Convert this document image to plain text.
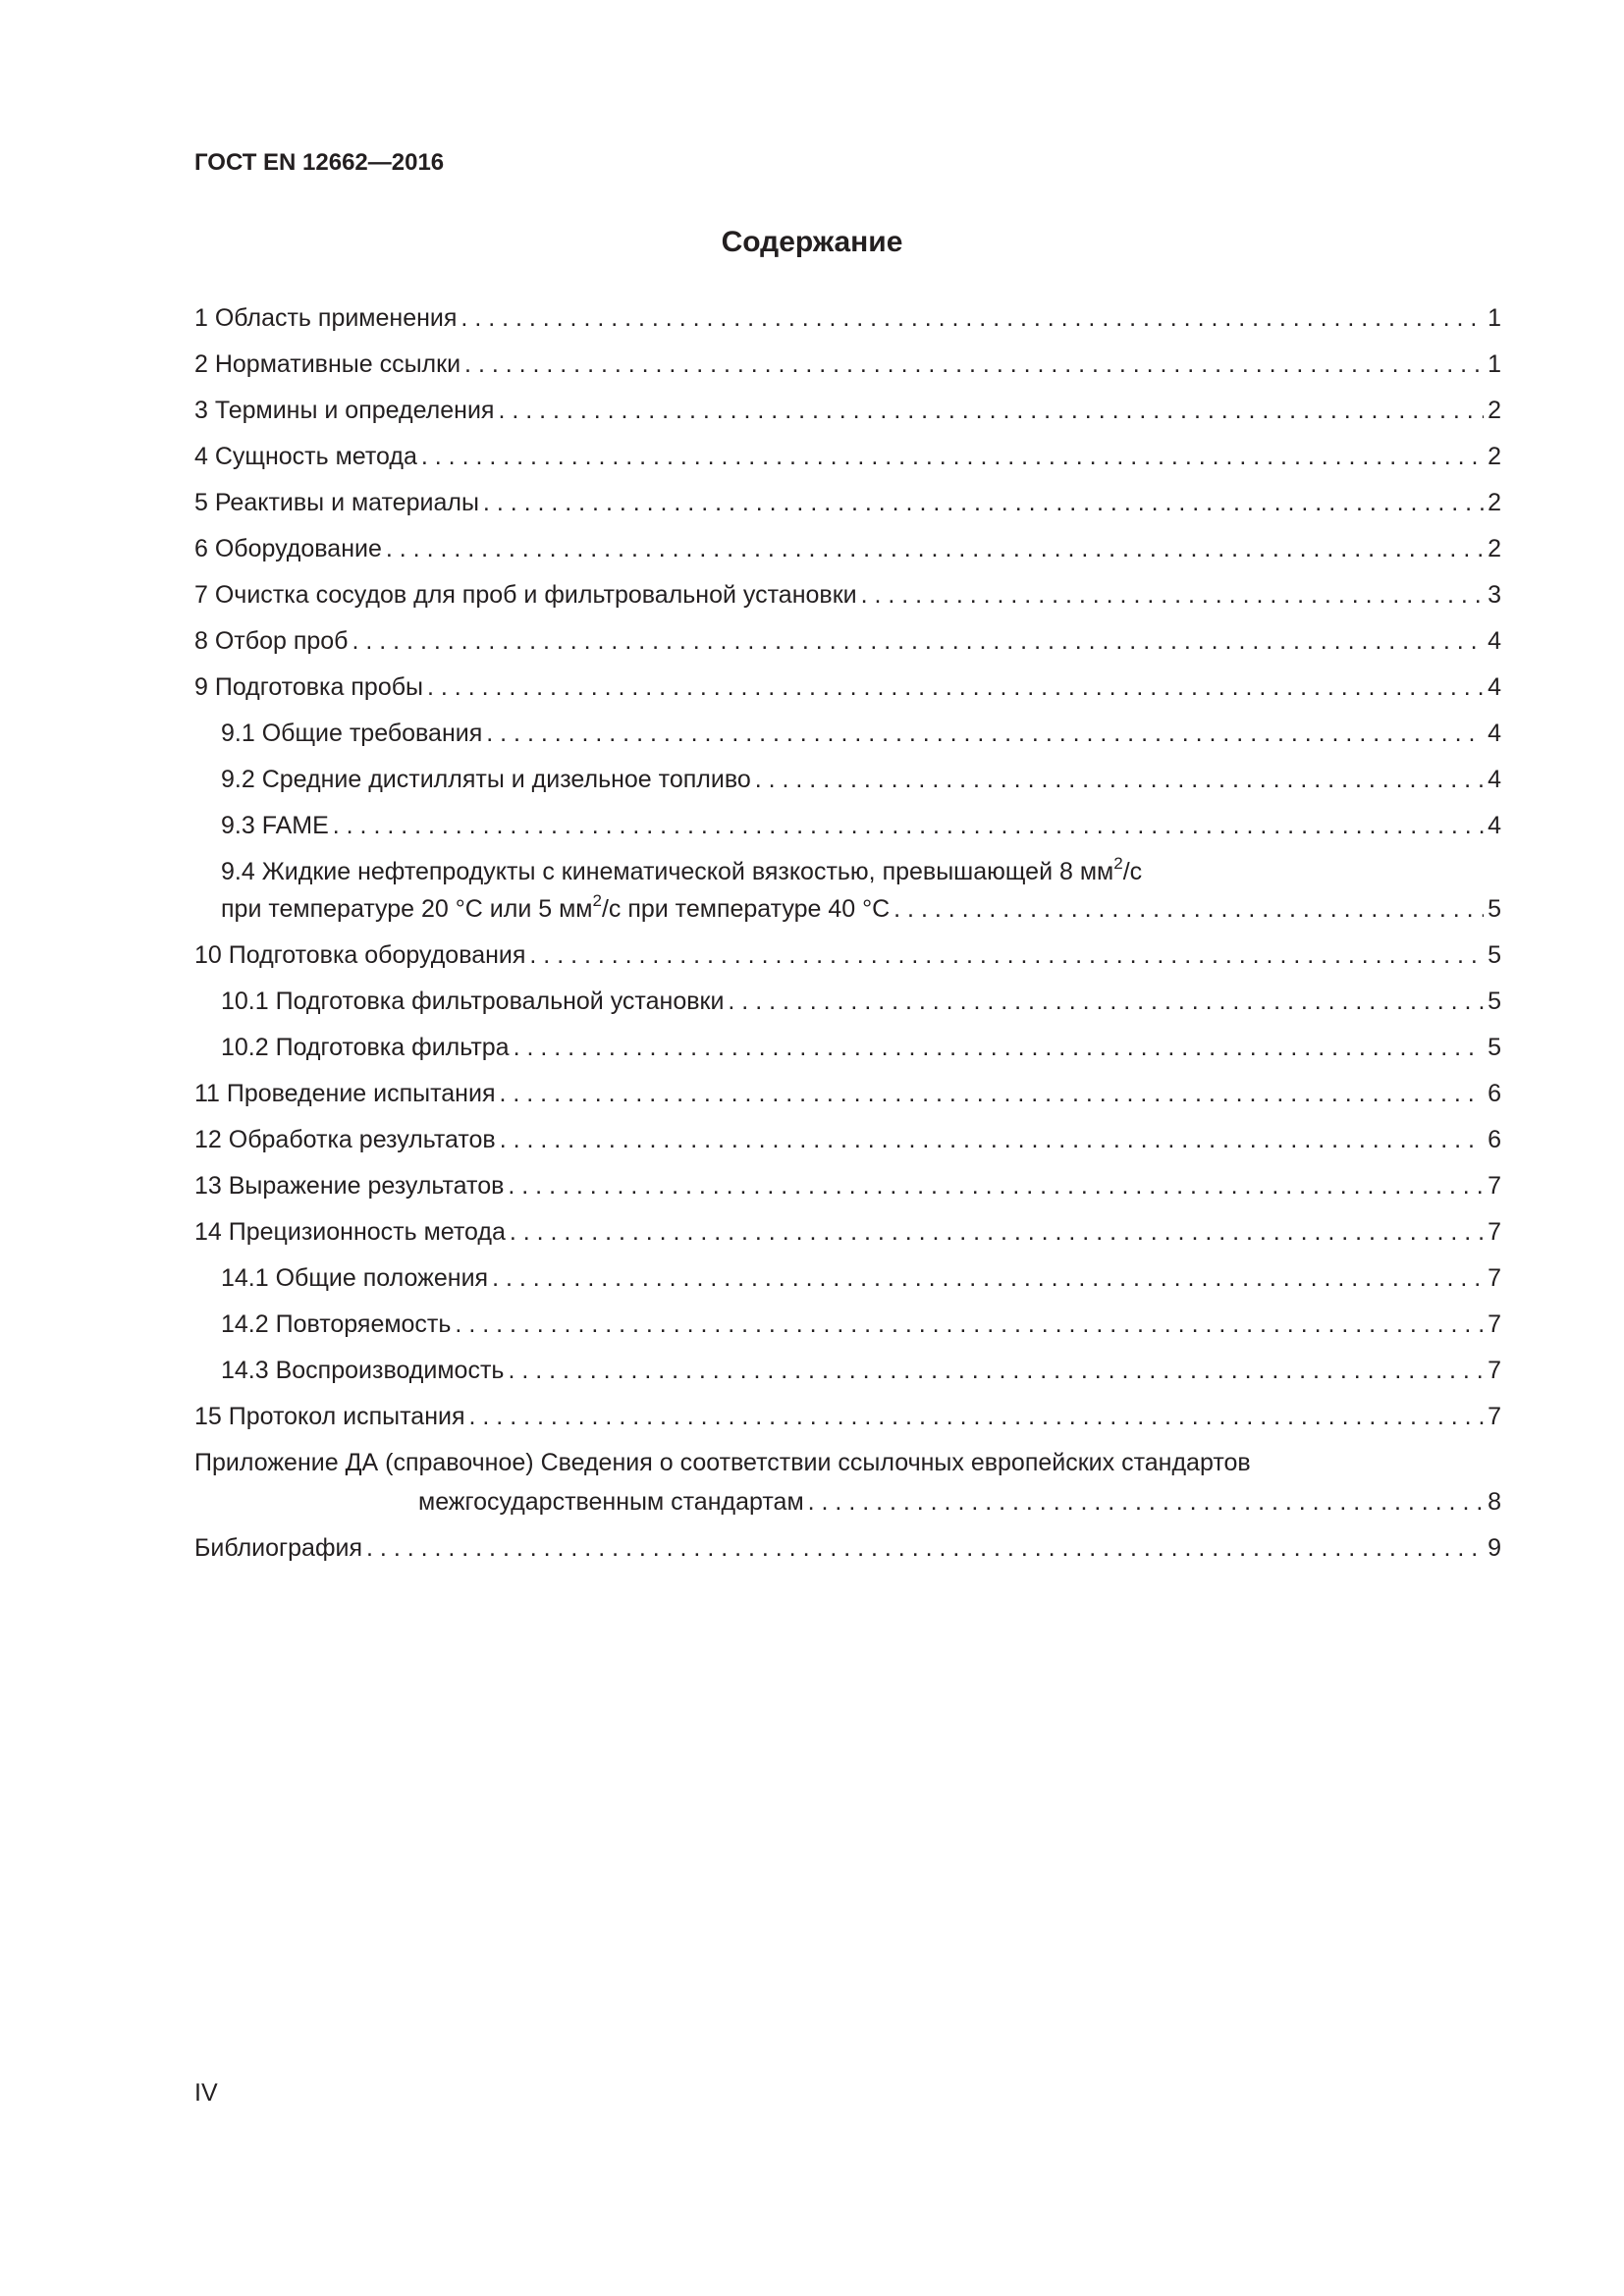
ГОСТ EN 12662—2016
Содержание
1 Область применения . . .	1
2 Нормативные ссылки . . .	1
3 Термины и определения . . .	2
4 Сущность метода . . .	2
5 Реактивы и материалы . . .	2
6 Оборудование . . .	2
7 Очистка сосудов для проб и фильтровальной установки . . .	3
8 Отбор проб . . .	4
9 Подготовка пробы . . .	4
9.1 Общие требования . . .	4
9.2 Средние дистилляты и дизельное топливо . . .	4
9.3 FAME . . .	4
9.4 Жидкие нефтепродукты с кинематической вязкостью, превышающей 8 $мм^2/с$
при температуре 20 °С или 5 $мм^2/с$ при температуре 40 °С . . .	5
10 Подготовка оборудования . . .	5
10.1 Подготовка фильтровальной установки . . .	5
10.2 Подготовка фильтра . . .	5
11 Проведение испытания . . .	6
12 Обработка результатов . . .	6
13 Выражение результатов . . .	7
14 Прецизионность метода . . .	7
14.1 Общие положения . . .	7
14.2 Повторяемость . . .	7
14.3 Воспроизводимость . . .	7
15 Протокол испытания . . .	7
Приложение ДА (справочное) Сведения о соответствии ссылочных европейских стандартов
межгосударственным стандартам . . .	8
Библиография . . .	9
IV
